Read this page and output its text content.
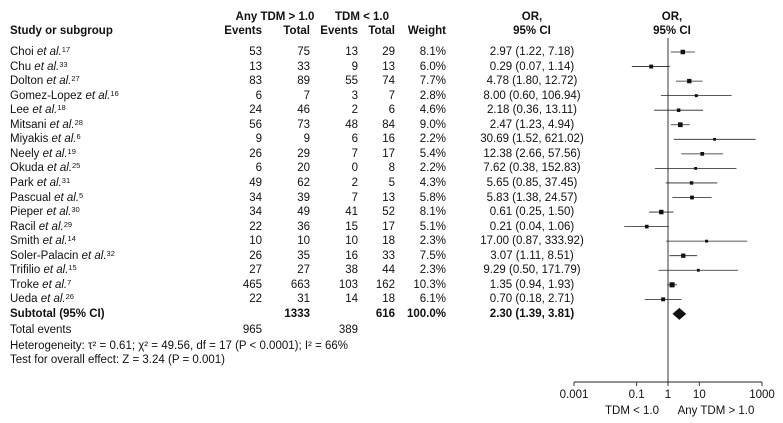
Any TDM > 1.0	TDM < 1.0
Study or subgroup	Events	Total Events Total	Weight
OR,
95% CI
OR,
95% CI
Choi et al.$^{17}$	53	75	13	29	8.1%	2.97 (1.22, 7.18)
Chu et al.$^{33}$	13	33	9	13	6.0%	0.29 (0.07, 1.14)
Dolton et al.$^{27}$	83	89	55	74	7.7%	4.78 (1.80, 12.72)
Gomez-Lopez et al.$^{16}$	6	7	3	7	2.8%	8.00 (0.60, 106.94)
Lee et al.$^{18}$	24	46	2	6	4.6%	2.18 (0.36, 13.11)
Mitsani et al.$^{28}$	56	73	48	84	9.0%	2.47 (1.23, 4.94)
Miyakis et al.$^6$	9	9	6	16	2.2%	30.69 (1.52, 621.02)
Neely et al.$^{19}$	26	29	7	17	5.4%	12.38 (2.66, 57.56)
Okuda et al.$^{25}$	6	20	0	8	2.2%	7.62 (0.38, 152.83)
Park et al.$^{31}$	49	62	2	5	4.3%	5.65 (0.85, 37.45)
Pascual et al.$^5$	34	39	7	13	5.8%	5.83 (1.38, 24.57)
Pieper et al.$^{30}$	34	49	41	52	8.1%	0.61 (0.25, 1.50)
Racil et al.$^{29}$	22	36	15	17	5.1%	0.21 (0.04, 1.06)
Smith et al.$^{14}$	10	10	10	18	2.3%	17.00 (0.87, 333.92)
Soler-Palacin et al.$^{32}$	26	35	16	33	7.5%	3.07 (1.11, 8.51)
Trifilio et al.$^{15}$	27	27	38	44	2.3%	9.29 (0.50, 171.79)
Troke et al.$^7$	465	663	103	162	10.3%	1.35 (0.94, 1.93)
Ueda et al.$^{26}$	22	31	14	18	6.1%	0.70 (0.18, 2.71)
Subtotal (95% CI)	1333	616	100.0%	2.30 (1.39, 3.81)
Total events	965	389
Heterogeneity: τ² = 0.61; χ² = 49.56, df = 17 (P < 0.0001); I² = 66%
Test for overall effect: Z = 3.24 (P = 0.001)
0.001	0.1 1 10	1000
TDM < 1.0 Any TDM > 1.0
